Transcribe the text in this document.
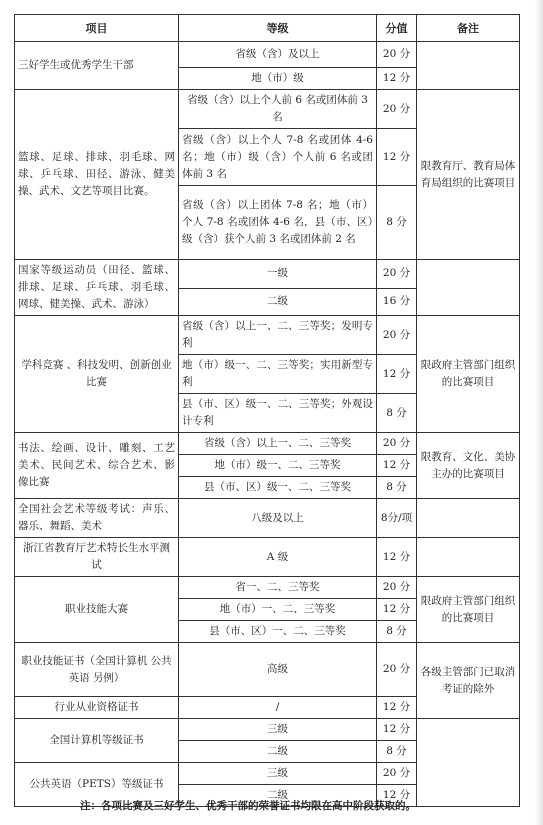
项目	等级	分值	备注
三好学生或优秀学生干部	省级（含）及以上	20 分	
	地（市）级	12 分	
篮球、足球、排球、羽毛球、网球、乒乓球、田径、游泳、健美操、武术、文艺等项目比赛。	省级（含）以上个人前 6 名或团体前 3 名	20 分	限教育厅、教育局体育局组织的比赛项目
	省级（含）以上个人 7-8 名或团体 4-6 名；地（市）级（含）个人前 6 名或团体前 3 名	12 分	
	省级（含）以上团体 7-8 名；地（市）个人 7-8 名或团体 4-6 名，县（市、区）级（含）获个人前 3 名或团体前 2 名	8 分	
国家等级运动员（田径、篮球、排球、足球、乒乓球、羽毛球、网球、健美操、武术、游泳）	一级	20 分	
	二级	16 分	
学科竞赛 、科技发明、创新创业比赛	省级（含）以上一、二、三等奖；发明专利	20 分	限政府主管部门组织的比赛项目
	地（市）级一、二、三等奖；实用新型专利	12 分	
	县（市、区）级一、二、三等奖；外观设计专利	8 分	
书法、绘画、设计、雕刻、工艺美术、民间艺术、综合艺术、影像比赛	省级（含）以上一、二、三等奖	20 分	限教育、文化、美协主办的比赛项目
	地（市）级一、二、三等奖	12 分	
	县（市、区）级一、二、三等奖	8 分	
全国社会艺术等级考试：声乐、器乐、舞蹈、美术	八级及以上	8分/项	
浙江省教育厅艺术特长生水平测试	A 级	12 分	
职业技能大赛	省一、二、三等奖	20 分	限政府主管部门组织的比赛项目
	地（市）一、二、三等奖	12 分	
	县（市、区）一、二、三等奖	8 分	
职业技能证书（全国计算机 公共英语 另例）	高级	20 分	各级主管部门已取消考证的除外
行业从业资格证书	/	12 分	
全国计算机等级证书	三级	12 分	
	二级	8 分	
公共英语（PETS）等级证书	三级	20 分	
	二级	12 分	
注：各项比赛及三好学生、优秀干部的荣誉证书均限在高中阶段获取的。
